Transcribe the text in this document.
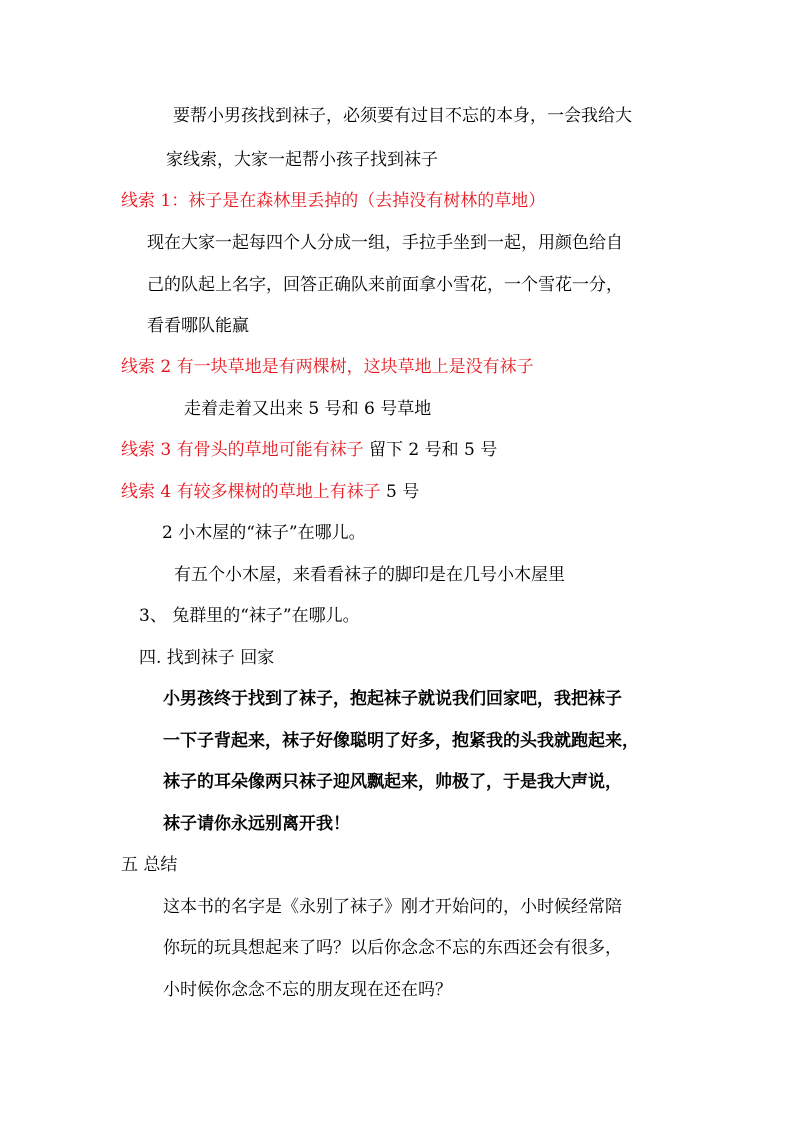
要帮小男孩找到袜子，必须要有过目不忘的本身，一会我给大
家线索，大家一起帮小孩子找到袜子
线索 1：袜子是在森林里丢掉的（去掉没有树林的草地）
现在大家一起每四个人分成一组，手拉手坐到一起，用颜色给自
己的队起上名字，回答正确队来前面拿小雪花，一个雪花一分，
看看哪队能赢
线索 2 有一块草地是有两棵树，这块草地上是没有袜子
走着走着又出来 5 号和 6 号草地
线索 3 有骨头的草地可能有袜子 留下 2 号和 5 号
线索 4 有较多棵树的草地上有袜子 5 号
2 小木屋的“袜子”在哪儿。
有五个小木屋，来看看袜子的脚印是在几号小木屋里
3、 兔群里的“袜子”在哪儿。
四. 找到袜子 回家
小男孩终于找到了袜子，抱起袜子就说我们回家吧，我把袜子
一下子背起来，袜子好像聪明了好多，抱紧我的头我就跑起来，
袜子的耳朵像两只袜子迎风飘起来，帅极了，于是我大声说，
袜子请你永远别离开我！
五 总结
这本书的名字是《永别了袜子》刚才开始问的，小时候经常陪
你玩的玩具想起来了吗？以后你念念不忘的东西还会有很多，
小时候你念念不忘的朋友现在还在吗？
